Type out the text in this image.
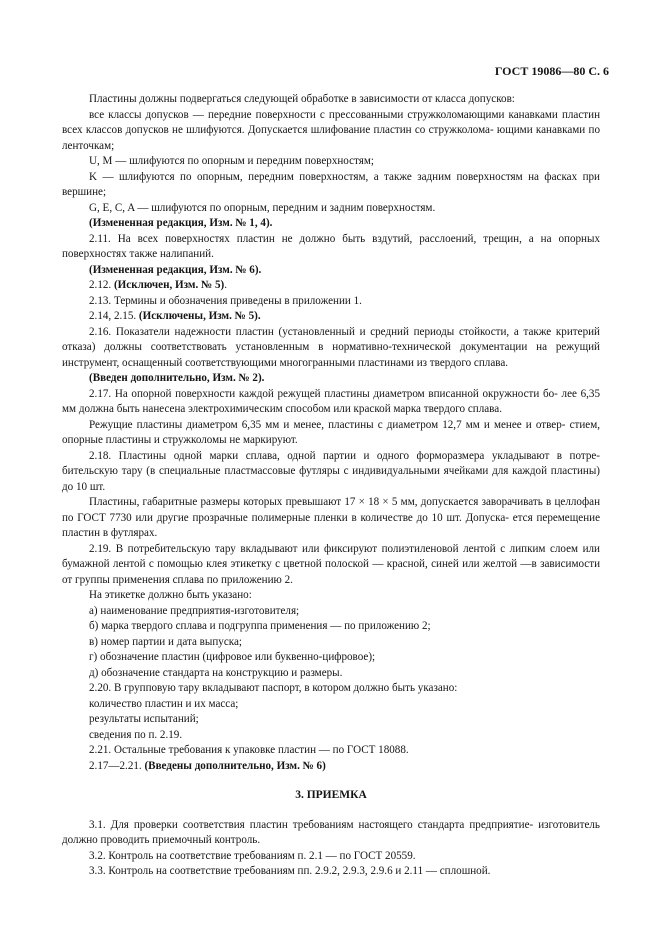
ГОСТ 19086—80 С. 6

Пластины должны подвергаться следующей обработке в зависимости от класса допусков:

все классы допусков — передние поверхности с прессованными стружколомающими канавками пластин всех классов допусков не шлифуются. Допускается шлифование пластин со стружколома- ющими канавками по ленточкам;

U, M — шлифуются по опорным и передним поверхностям;

K — шлифуются по опорным, передним поверхностям, а также задним поверхностям на фасках при вершине;

G, E, C, A — шлифуются по опорным, передним и задним поверхностям.

(Измененная редакция, Изм. № 1, 4).

2.11. На всех поверхностях пластин не должно быть вздутий, расслоений, трещин, а на опорных поверхностях также налипаний.

(Измененная редакция, Изм. № 6).

2.12. (Исключен, Изм. № 5).

2.13. Термины и обозначения приведены в приложении 1.

2.14, 2.15. (Исключены, Изм. № 5).

2.16. Показатели надежности пластин (установленный и средний периоды стойкости, а также критерий отказа) должны соответствовать установленным в нормативно-технической документации на режущий инструмент, оснащенный соответствующими многогранными пластинами из твердого сплава.

(Введен дополнительно, Изм. № 2).

2.17. На опорной поверхности каждой режущей пластины диаметром вписанной окружности бо- лее 6,35 мм должна быть нанесена электрохимическим способом или краской марка твердого сплава.

Режущие пластины диаметром 6,35 мм и менее, пластины с диаметром 12,7 мм и менее и отвер- стием, опорные пластины и стружколомы не маркируют.

2.18. Пластины одной марки сплава, одной партии и одного форморазмера укладывают в потре- бительскую тару (в специальные пластмассовые футляры с индивидуальными ячейками для каждой пластины) до 10 шт.

Пластины, габаритные размеры которых превышают 17 × 18 × 5 мм, допускается заворачивать в целлофан по ГОСТ 7730 или другие прозрачные полимерные пленки в количестве до 10 шт. Допуска- ется перемещение пластин в футлярах.

2.19. В потребительскую тару вкладывают или фиксируют полиэтиленовой лентой с липким слоем или бумажной лентой с помощью клея этикетку с цветной полоской — красной, синей или желтой —в зависимости от группы применения сплава по приложению 2.

На этикетке должно быть указано:

а) наименование предприятия-изготовителя;

б) марка твердого сплава и подгруппа применения — по приложению 2;

в) номер партии и дата выпуска;

г) обозначение пластин (цифровое или буквенно-цифровое);

д) обозначение стандарта на конструкцию и размеры.

2.20. В групповую тару вкладывают паспорт, в котором должно быть указано:

количество пластин и их масса;

результаты испытаний;

сведения по п. 2.19.

2.21. Остальные требования к упаковке пластин — по ГОСТ 18088.

2.17—2.21. (Введены дополнительно, Изм. № 6)

3. ПРИЕМКА

3.1. Для проверки соответствия пластин требованиям настоящего стандарта предприятие- изготовитель должно проводить приемочный контроль.

3.2. Контроль на соответствие требованиям п. 2.1 — по ГОСТ 20559.

3.3. Контроль на соответствие требованиям пп. 2.9.2, 2.9.3, 2.9.6 и 2.11 — сплошной.
